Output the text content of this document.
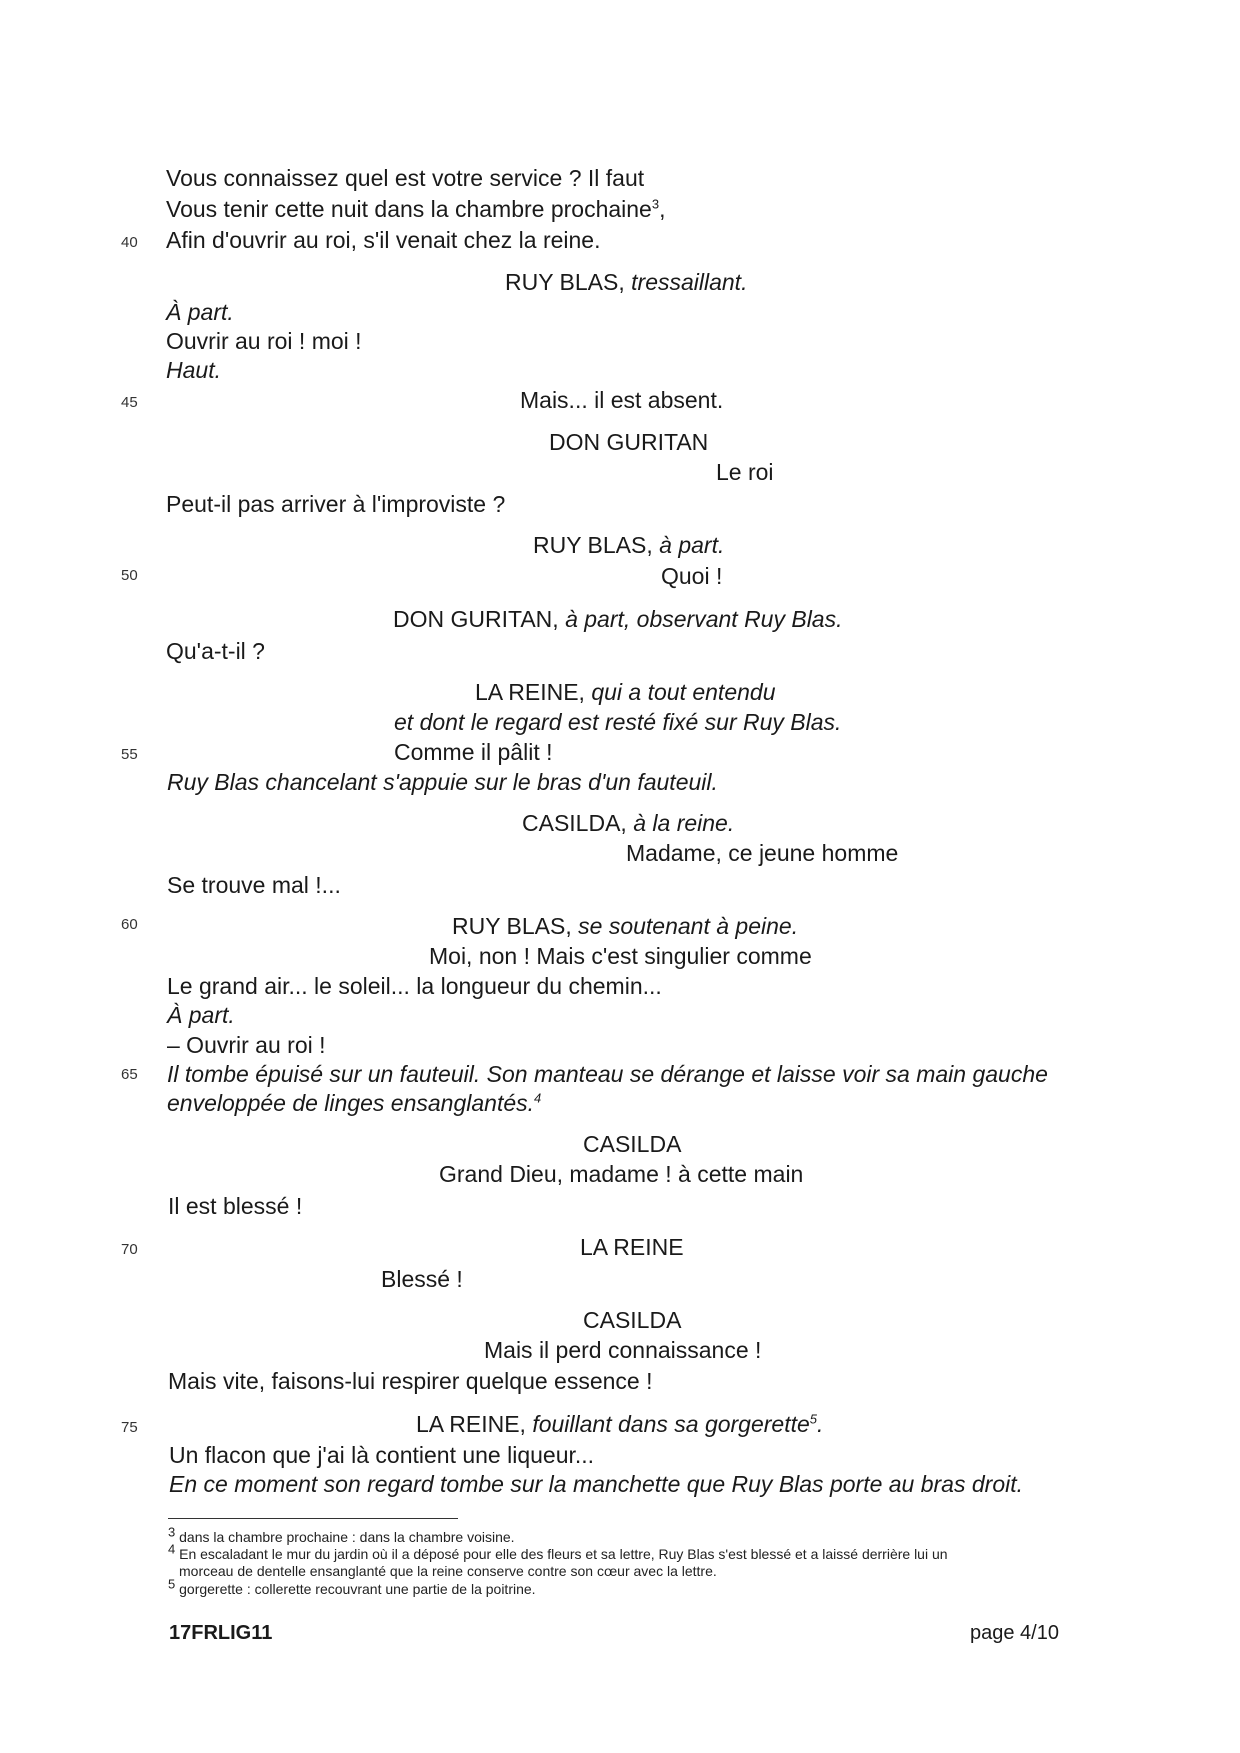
40
45
50
55
60
65
70
75
Vous connaissez quel est votre service ? Il faut
Vous tenir cette nuit dans la chambre prochaine$^3$,
Afin d'ouvrir au roi, s'il venait chez la reine.
RUY BLAS, tressaillant.
À part.
Ouvrir au roi ! moi !
Haut.
Mais... il est absent.
DON GURITAN
Le roi
Peut-il pas arriver à l'improviste ?
RUY BLAS, à part.
Quoi !
DON GURITAN, à part, observant Ruy Blas.
Qu'a-t-il ?
LA REINE, qui a tout entendu
et dont le regard est resté fixé sur Ruy Blas.
Comme il pâlit !
Ruy Blas chancelant s'appuie sur le bras d'un fauteuil.
CASILDA, à la reine.
Madame, ce jeune homme
Se trouve mal !...
RUY BLAS, se soutenant à peine.
Moi, non ! Mais c'est singulier comme
Le grand air... le soleil... la longueur du chemin...
À part.
– Ouvrir au roi !
Il tombe épuisé sur un fauteuil. Son manteau se dérange et laisse voir sa main gauche
enveloppée de linges ensanglantés.$^4$
CASILDA
Grand Dieu, madame ! à cette main
Il est blessé !
LA REINE
Blessé !
CASILDA
Mais il perd connaissance !
Mais vite, faisons-lui respirer quelque essence !
LA REINE, fouillant dans sa gorgerette$^5$.
Un flacon que j'ai là contient une liqueur...
En ce moment son regard tombe sur la manchette que Ruy Blas porte au bras droit.
$^3$ dans la chambre prochaine : dans la chambre voisine.
$^4$ En escaladant le mur du jardin où il a déposé pour elle des fleurs et sa lettre, Ruy Blas s'est blessé et a laissé derrière lui un
morceau de dentelle ensanglanté que la reine conserve contre son cœur avec la lettre.
$^5$ gorgerette : collerette recouvrant une partie de la poitrine.
17FRLIG11	page 4/10
